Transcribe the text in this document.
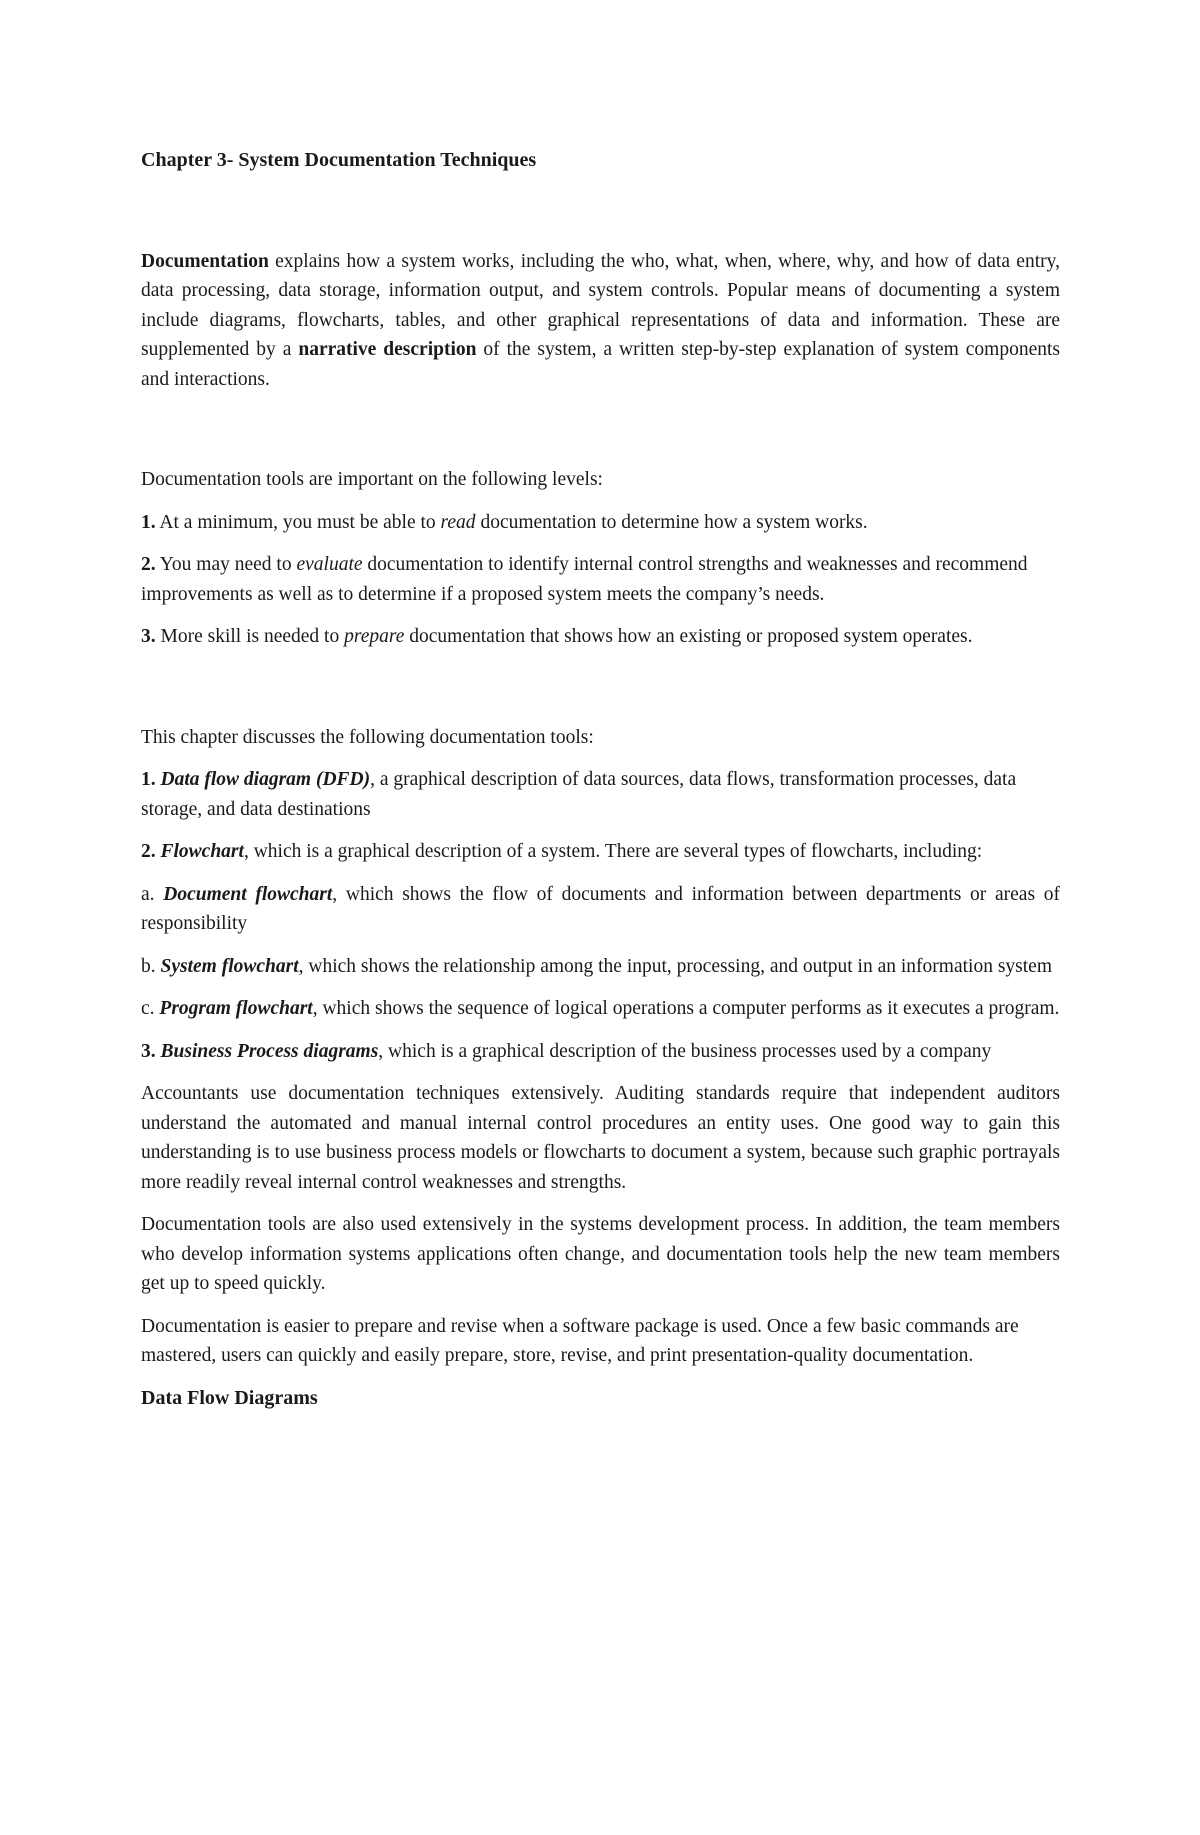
Chapter 3- System Documentation Techniques

Documentation explains how a system works, including the who, what, when, where, why, and how of data entry, data processing, data storage, information output, and system controls. Popular means of documenting a system include diagrams, flowcharts, tables, and other graphical representations of data and information. These are supplemented by a narrative description of the system, a written step-by-step explanation of system components and interactions.

Documentation tools are important on the following levels:

1. At a minimum, you must be able to read documentation to determine how a system works.

2. You may need to evaluate documentation to identify internal control strengths and weaknesses and recommend improvements as well as to determine if a proposed system meets the company’s needs.

3. More skill is needed to prepare documentation that shows how an existing or proposed system operates.

This chapter discusses the following documentation tools:

1. Data flow diagram (DFD), a graphical description of data sources, data flows, transformation processes, data storage, and data destinations

2. Flowchart, which is a graphical description of a system. There are several types of flowcharts, including:

a. Document flowchart, which shows the flow of documents and information between departments or areas of responsibility

b. System flowchart, which shows the relationship among the input, processing, and output in an information system

c. Program flowchart, which shows the sequence of logical operations a computer performs as it executes a program.

3. Business Process diagrams, which is a graphical description of the business processes used by a company

Accountants use documentation techniques extensively. Auditing standards require that independent auditors understand the automated and manual internal control procedures an entity uses. One good way to gain this understanding is to use business process models or flowcharts to document a system, because such graphic portrayals more readily reveal internal control weaknesses and strengths.

Documentation tools are also used extensively in the systems development process. In addition, the team members who develop information systems applications often change, and documentation tools help the new team members get up to speed quickly.

Documentation is easier to prepare and revise when a software package is used. Once a few basic commands are mastered, users can quickly and easily prepare, store, revise, and print presentation-quality documentation.

Data Flow Diagrams
